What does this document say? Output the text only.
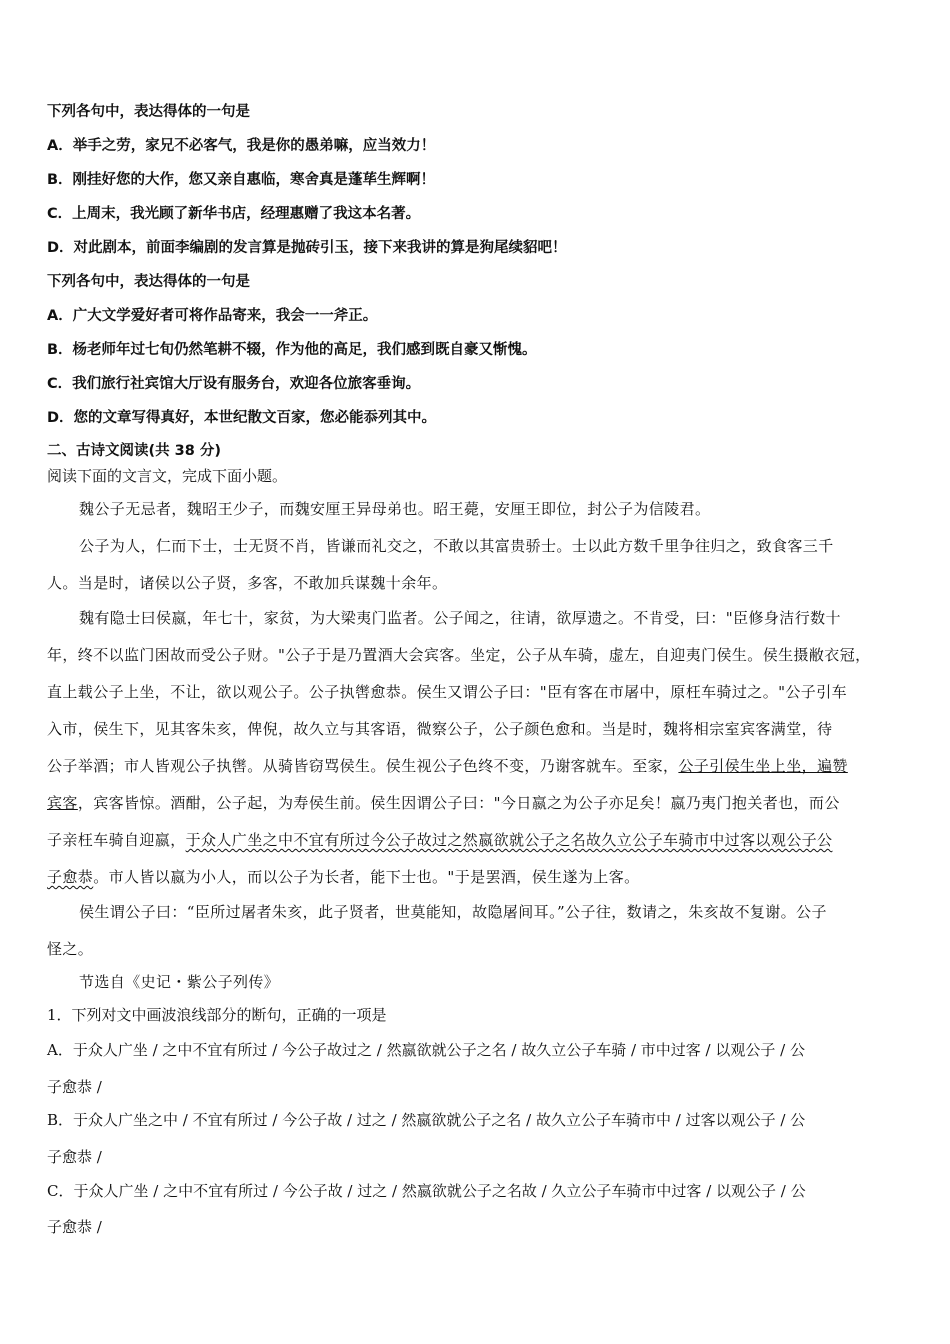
下列各句中，表达得体的一句是
A．举手之劳，家兄不必客气，我是你的愚弟嘛，应当效力！
B．刚挂好您的大作，您又亲自惠临，寒舍真是蓬荜生辉啊！
C．上周末，我光顾了新华书店，经理惠赠了我这本名著。
D．对此剧本，前面李编剧的发言算是抛砖引玉，接下来我讲的算是狗尾续貂吧！
下列各句中，表达得体的一句是
A．广大文学爱好者可将作品寄来，我会一一斧正。
B．杨老师年过七旬仍然笔耕不辍，作为他的高足，我们感到既自豪又惭愧。
C．我们旅行社宾馆大厅设有服务台，欢迎各位旅客垂询。
D．您的文章写得真好，本世纪散文百家，您必能忝列其中。
二、古诗文阅读(共 38 分)
阅读下面的文言文，完成下面小题。
魏公子无忌者，魏昭王少子，而魏安厘王异母弟也。昭王薨，安厘王即位，封公子为信陵君。
公子为人，仁而下士，士无贤不肖，皆谦而礼交之，不敢以其富贵骄士。士以此方数千里争往归之，致食客三千
人。当是时，诸侯以公子贤，多客，不敢加兵谋魏十余年。
魏有隐士曰侯嬴，年七十，家贫，为大梁夷门监者。公子闻之，往请，欲厚遗之。不肯受，曰："臣修身洁行数十
年，终不以监门困故而受公子财。"公子于是乃置酒大会宾客。坐定，公子从车骑，虚左，自迎夷门侯生。侯生摄敝衣冠，
直上载公子上坐，不让，欲以观公子。公子执辔愈恭。侯生又谓公子曰："臣有客在市屠中，原枉车骑过之。"公子引车
入市，侯生下，见其客朱亥，俾倪，故久立与其客语，微察公子，公子颜色愈和。当是时，魏将相宗室宾客满堂，待
公子举酒；市人皆观公子执辔。从骑皆窃骂侯生。侯生视公子色终不变，乃谢客就车。至家，公子引侯生坐上坐，遍赞
宾客，宾客皆惊。酒酣，公子起，为寿侯生前。侯生因谓公子曰："今日嬴之为公子亦足矣！嬴乃夷门抱关者也，而公
子亲枉车骑自迎嬴，于众人广坐之中不宜有所过今公子故过之然嬴欲就公子之名故久立公子车骑市中过客以观公子公
子愈恭。市人皆以嬴为小人，而以公子为长者，能下士也。"于是罢酒，侯生遂为上客。
侯生谓公子曰：“臣所过屠者朱亥，此子贤者，世莫能知，故隐屠间耳。”公子往，数请之，朱亥故不复谢。公子
怪之。
节选自《史记・紫公子列传》
1．下列对文中画波浪线部分的断句，正确的一项是
A．于众人广坐 / 之中不宜有所过 / 今公子故过之 / 然嬴欲就公子之名 / 故久立公子车骑 / 市中过客 / 以观公子 / 公
子愈恭 /
B．于众人广坐之中 / 不宜有所过 / 今公子故 / 过之 / 然嬴欲就公子之名 / 故久立公子车骑市中 / 过客以观公子 / 公
子愈恭 /
C．于众人广坐 / 之中不宜有所过 / 今公子故 / 过之 / 然嬴欲就公子之名故 / 久立公子车骑市中过客 / 以观公子 / 公
子愈恭 /
